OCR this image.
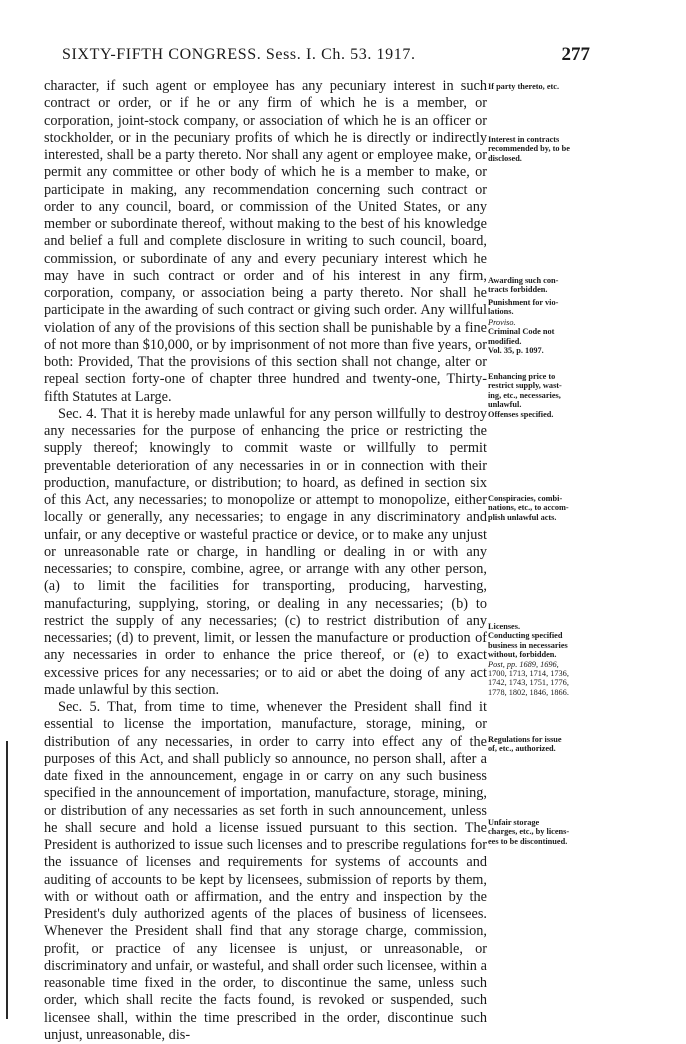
SIXTY-FIFTH CONGRESS. Sess. I. Ch. 53. 1917.	277

character, if such agent or employee has any pecuniary interest in such contract or order, or if he or any firm of which he is a member, or corporation, joint-stock company, or association of which he is an officer or stockholder, or in the pecuniary profits of which he is directly or indirectly interested, shall be a party thereto. Nor shall any agent or employee make, or permit any committee or other body of which he is a member to make, or participate in making, any recommendation concerning such contract or order to any council, board, or commission of the United States, or any member or subordinate thereof, without making to the best of his knowledge and belief a full and complete disclosure in writing to such council, board, commission, or subordinate of any and every pecuniary interest which he may have in such contract or order and of his interest in any firm, corporation, company, or association being a party thereto. Nor shall he participate in the awarding of such contract or giving such order. Any willful violation of any of the provisions of this section shall be punishable by a fine of not more than $10,000, or by imprisonment of not more than five years, or both: Provided, That the provisions of this section shall not change, alter or repeal section forty-one of chapter three hundred and twenty-one, Thirty-fifth Statutes at Large.

Sec. 4. That it is hereby made unlawful for any person willfully to destroy any necessaries for the purpose of enhancing the price or restricting the supply thereof; knowingly to commit waste or willfully to permit preventable deterioration of any necessaries in or in connection with their production, manufacture, or distribution; to hoard, as defined in section six of this Act, any necessaries; to monopolize or attempt to monopolize, either locally or generally, any necessaries; to engage in any discriminatory and unfair, or any deceptive or wasteful practice or device, or to make any unjust or unreasonable rate or charge, in handling or dealing in or with any necessaries; to conspire, combine, agree, or arrange with any other person, (a) to limit the facilities for transporting, producing, harvesting, manufacturing, supplying, storing, or dealing in any necessaries; (b) to restrict the supply of any necessaries; (c) to restrict distribution of any necessaries; (d) to prevent, limit, or lessen the manufacture or production of any necessaries in order to enhance the price thereof, or (e) to exact excessive prices for any necessaries; or to aid or abet the doing of any act made unlawful by this section.

Sec. 5. That, from time to time, whenever the President shall find it essential to license the importation, manufacture, storage, mining, or distribution of any necessaries, in order to carry into effect any of the purposes of this Act, and shall publicly so announce, no person shall, after a date fixed in the announcement, engage in or carry on any such business specified in the announcement of importation, manufacture, storage, mining, or distribution of any necessaries as set forth in such announcement, unless he shall secure and hold a license issued pursuant to this section. The President is authorized to issue such licenses and to prescribe regulations for the issuance of licenses and requirements for systems of accounts and auditing of accounts to be kept by licensees, submission of reports by them, with or without oath or affirmation, and the entry and inspection by the President's duly authorized agents of the places of business of licensees. Whenever the President shall find that any storage charge, commission, profit, or practice of any licensee is unjust, or unreasonable, or discriminatory and unfair, or wasteful, and shall order such licensee, within a reasonable time fixed in the order, to discontinue the same, unless such order, which shall recite the facts found, is revoked or suspended, such licensee shall, within the time prescribed in the order, discontinue such unjust, unreasonable, dis-

If party thereto, etc.
Interest in contracts
recommended by, to be
disclosed.
Awarding such con-
tracts forbidden.
Punishment for vio-
lations.
Proviso.
Criminal Code not
modified.
Vol. 35, p. 1097.
Enhancing price to
restrict supply, wast-
ing, etc., necessaries,
unlawful.
Offenses specified.
Conspiracies, combi-
nations, etc., to accom-
plish unlawful acts.
Licenses.
Conducting specified
business in necessaries
without, forbidden.
Post, pp. 1689, 1696,
1700, 1713, 1714, 1736,
1742, 1743, 1751, 1776,
1778, 1802, 1846, 1866.
Regulations for issue
of, etc., authorized.
Unfair storage
charges, etc., by licens-
ees to be discontinued.
